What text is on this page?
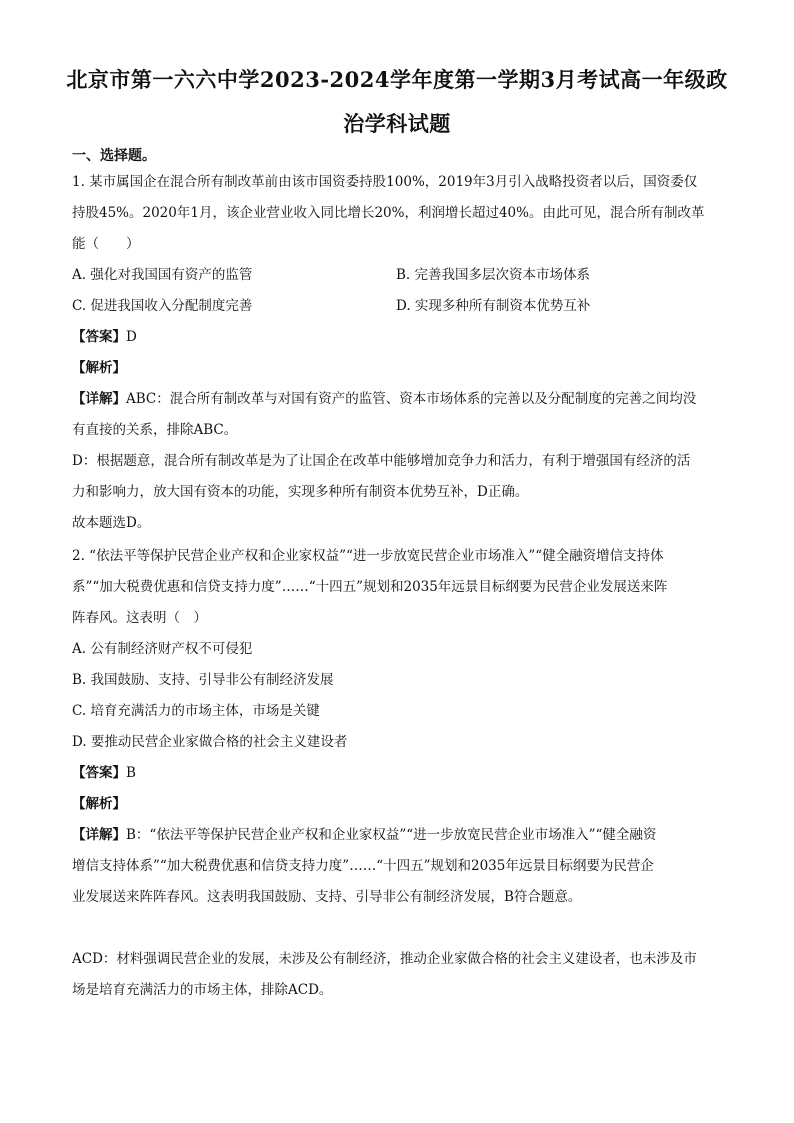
北京市第一六六中学2023-2024学年度第一学期3月考试高一年级政
治学科试题
一、选择题。
1. 某市属国企在混合所有制改革前由该市国资委持股100%，2019年3月引入战略投资者以后，国资委仅
持股45%。2020年1月，该企业营业收入同比增长20%，利润增长超过40%。由此可见，混合所有制改革
能（　　）
A. 强化对我国国有资产的监管	B. 完善我国多层次资本市场体系
C. 促进我国收入分配制度完善	D. 实现多种所有制资本优势互补
【答案】D
【解析】
【详解】ABC：混合所有制改革与对国有资产的监管、资本市场体系的完善以及分配制度的完善之间均没
有直接的关系，排除ABC。
D：根据题意，混合所有制改革是为了让国企在改革中能够增加竞争力和活力，有利于增强国有经济的活
力和影响力，放大国有资本的功能，实现多种所有制资本优势互补，D正确。
故本题选D。
2. “依法平等保护民营企业产权和企业家权益”“进一步放宽民营企业市场准入”“健全融资增信支持体
系”“加大税费优惠和信贷支持力度”……“十四五”规划和2035年远景目标纲要为民营企业发展送来阵
阵春风。这表明（　）
A. 公有制经济财产权不可侵犯
B. 我国鼓励、支持、引导非公有制经济发展
C. 培育充满活力的市场主体，市场是关键
D. 要推动民营企业家做合格的社会主义建设者
【答案】B
【解析】
【详解】B：“依法平等保护民营企业产权和企业家权益”“进一步放宽民营企业市场准入”“健全融资
增信支持体系”“加大税费优惠和信贷支持力度”……“十四五”规划和2035年远景目标纲要为民营企
业发展送来阵阵春风。这表明我国鼓励、支持、引导非公有制经济发展，B符合题意。
ACD：材料强调民营企业的发展，未涉及公有制经济，推动企业家做合格的社会主义建设者，也未涉及市
场是培育充满活力的市场主体，排除ACD。
